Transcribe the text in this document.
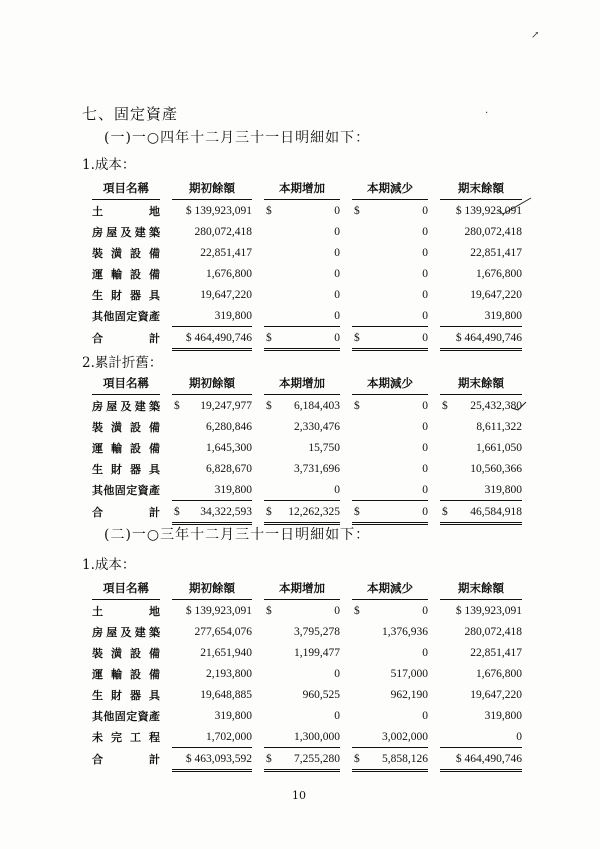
七、固定資產
(一)一○四年十二月三十一日明細如下：
1.成本：
2.累計折舊：
(二)一○三年十二月三十一日明細如下：
1.成本：
項目名稱		期初餘額		本期增加		本期減少		期末餘額
土　　　地		$ 139,923,091		$ 0		$ 0		$ 139,923,091
房屋及建築		280,072,418		0		0		280,072,418
裝潢設備		22,851,417		0		0		22,851,417
運輸設備		1,676,800		0		0		1,676,800
生財器具		19,647,220		0		0		19,647,220
其他固定資產		319,800		0		0		319,800
合　　　計		$ 464,490,746		$ 0		$ 0		$ 464,490,746
項目名稱		期初餘額		本期增加		本期減少		期末餘額
房屋及建築		$ 19,247,977		$ 6,184,403		$ 0		$ 25,432,380
裝潢設備		6,280,846		2,330,476		0		8,611,322
運輸設備		1,645,300		15,750		0		1,661,050
生財器具		6,828,670		3,731,696		0		10,560,366
其他固定資產		319,800		0		0		319,800
合　　　計		$ 34,322,593		$ 12,262,325		$ 0		$ 46,584,918
項目名稱		期初餘額		本期增加		本期減少		期末餘額
土　　　地		$ 139,923,091		$ 0		$ 0		$ 139,923,091
房屋及建築		277,654,076		3,795,278		1,376,936		280,072,418
裝潢設備		21,651,940		1,199,477		0		22,851,417
運輸設備		2,193,800		0		517,000		1,676,800
生財器具		19,648,885		960,525		962,190		19,647,220
其他固定資產		319,800		0		0		319,800
未完工程		1,702,000		1,300,000		3,002,000		0
合　　　計		$ 463,093,592		$ 7,255,280		$ 5,858,126		$ 464,490,746
10
↗
·
